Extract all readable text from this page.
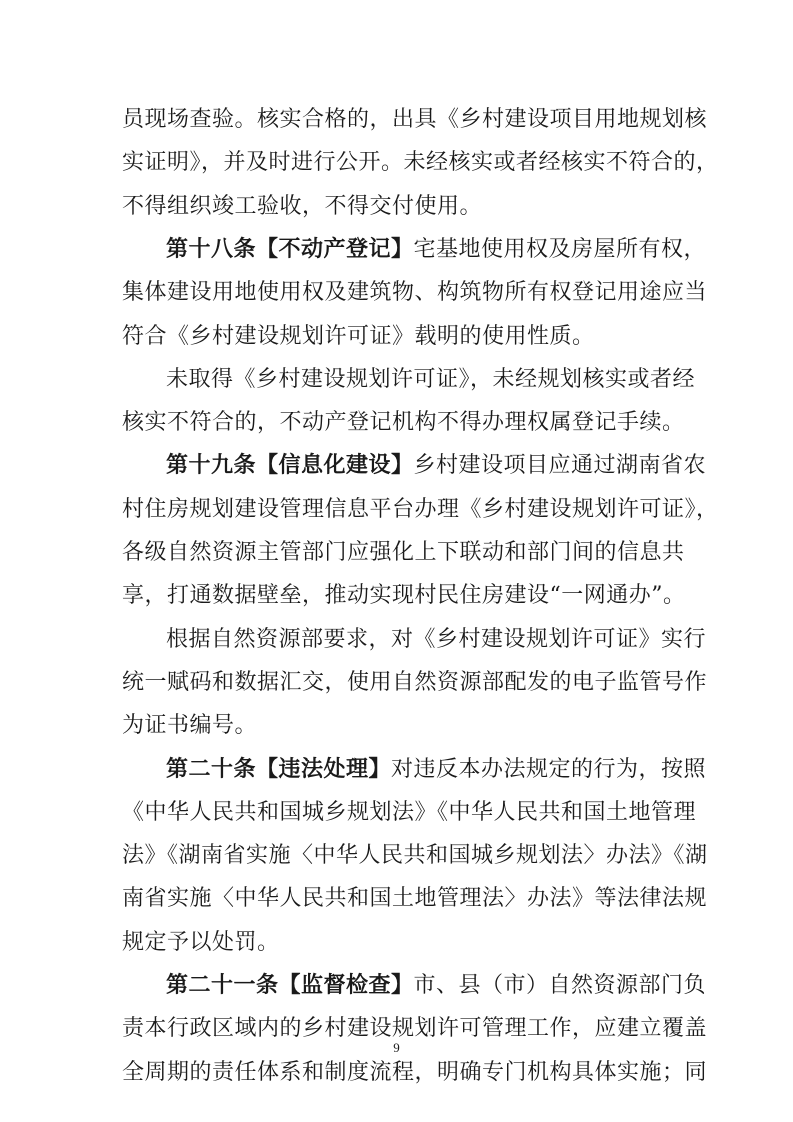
员现场查验。核实合格的，出具《乡村建设项目用地规划核
实证明》，并及时进行公开。未经核实或者经核实不符合的，
不得组织竣工验收，不得交付使用。
第十八条【不动产登记】宅基地使用权及房屋所有权，
集体建设用地使用权及建筑物、构筑物所有权登记用途应当
符合《乡村建设规划许可证》载明的使用性质。
未取得《乡村建设规划许可证》，未经规划核实或者经
核实不符合的，不动产登记机构不得办理权属登记手续。
第十九条【信息化建设】乡村建设项目应通过湖南省农
村住房规划建设管理信息平台办理《乡村建设规划许可证》，
各级自然资源主管部门应强化上下联动和部门间的信息共
享，打通数据壁垒，推动实现村民住房建设“一网通办”。
根据自然资源部要求，对《乡村建设规划许可证》实行
统一赋码和数据汇交，使用自然资源部配发的电子监管号作
为证书编号。
第二十条【违法处理】对违反本办法规定的行为，按照
《中华人民共和国城乡规划法》《中华人民共和国土地管理
法》《湖南省实施〈中华人民共和国城乡规划法〉办法》《湖
南省实施〈中华人民共和国土地管理法〉办法》等法律法规
规定予以处罚。
第二十一条【监督检查】市、县（市）自然资源部门负
责本行政区域内的乡村建设规划许可管理工作，应建立覆盖
全周期的责任体系和制度流程，明确专门机构具体实施；同
9
